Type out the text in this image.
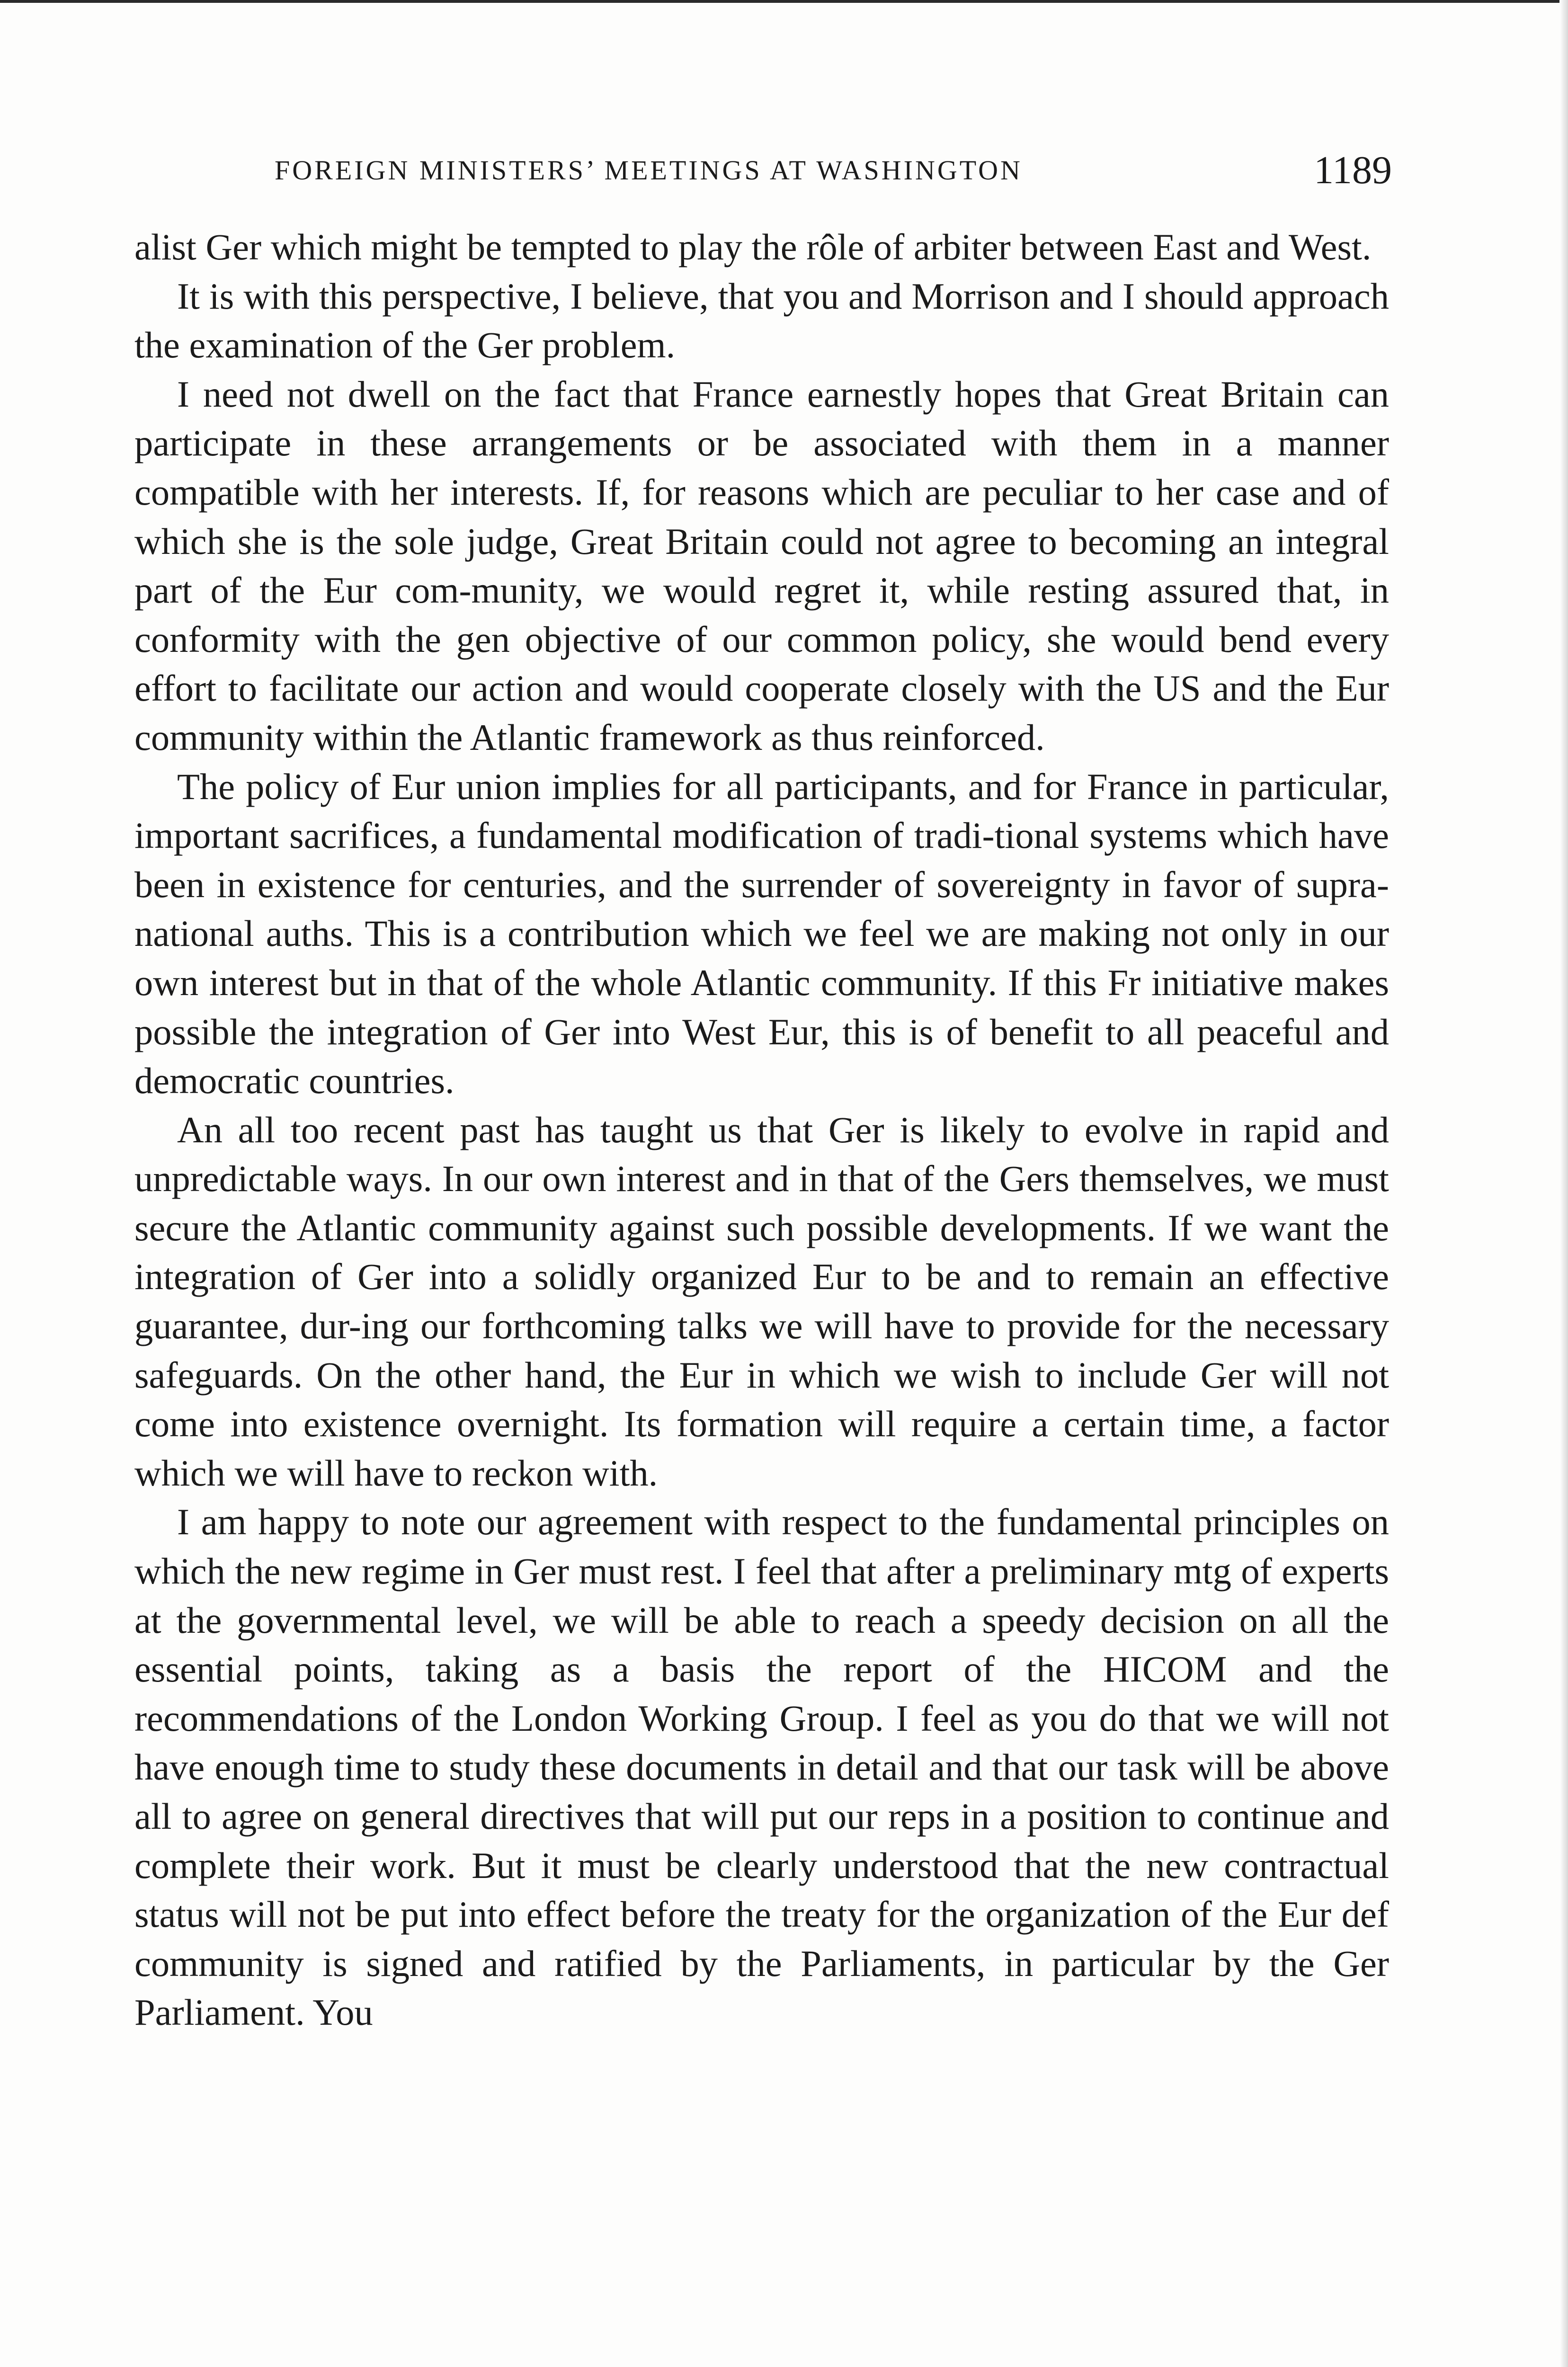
FOREIGN MINISTERS’ MEETINGS AT WASHINGTON	1189

alist Ger which might be tempted to play the rôle of arbiter between East and West.

It is with this perspective, I believe, that you and Morrison and I should approach the examination of the Ger problem.

I need not dwell on the fact that France earnestly hopes that Great Britain can participate in these arrangements or be associated with them in a manner compatible with her interests. If, for reasons which are peculiar to her case and of which she is the sole judge, Great Britain could not agree to becoming an integral part of the Eur com-munity, we would regret it, while resting assured that, in conformity with the gen objective of our common policy, she would bend every effort to facilitate our action and would cooperate closely with the US and the Eur community within the Atlantic framework as thus reinforced.

The policy of Eur union implies for all participants, and for France in particular, important sacrifices, a fundamental modification of tradi-tional systems which have been in existence for centuries, and the surrender of sovereignty in favor of supra-national auths. This is a contribution which we feel we are making not only in our own interest but in that of the whole Atlantic community. If this Fr initiative makes possible the integration of Ger into West Eur, this is of benefit to all peaceful and democratic countries.

An all too recent past has taught us that Ger is likely to evolve in rapid and unpredictable ways. In our own interest and in that of the Gers themselves, we must secure the Atlantic community against such possible developments. If we want the integration of Ger into a solidly organized Eur to be and to remain an effective guarantee, dur-ing our forthcoming talks we will have to provide for the necessary safeguards. On the other hand, the Eur in which we wish to include Ger will not come into existence overnight. Its formation will require a certain time, a factor which we will have to reckon with.

I am happy to note our agreement with respect to the fundamental principles on which the new regime in Ger must rest. I feel that after a preliminary mtg of experts at the governmental level, we will be able to reach a speedy decision on all the essential points, taking as a basis the report of the HICOM and the recommendations of the London Working Group. I feel as you do that we will not have enough time to study these documents in detail and that our task will be above all to agree on general directives that will put our reps in a position to continue and complete their work. But it must be clearly understood that the new contractual status will not be put into effect before the treaty for the organization of the Eur def community is signed and ratified by the Parliaments, in particular by the Ger Parliament. You
